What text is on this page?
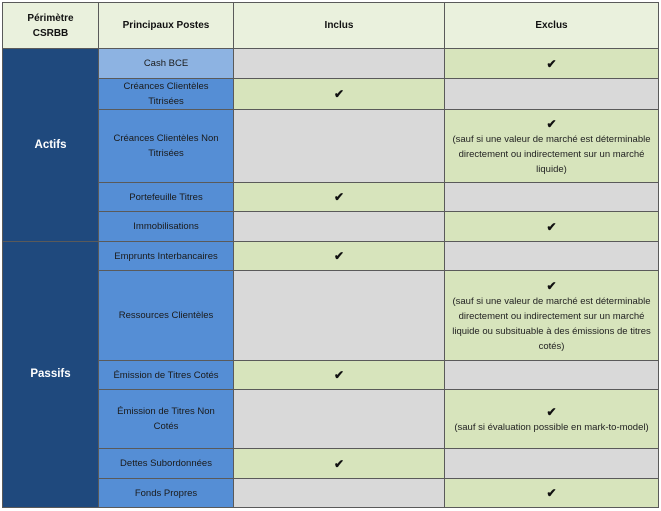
Périmètre CSRBB	Principaux Postes	Inclus	Exclus
Actifs	Cash BCE		✔

	Créances Clientèles Titrisées	✔	

	Créances Clientèles Non Titrisées		✔
(sauf si une valeur de marché est déterminable directement ou indirectement sur un marché liquide)

	Portefeuille Titres	✔	

	Immobilisations		✔

Passifs	Emprunts Interbancaires	✔	

	Ressources Clientèles		✔
(sauf si une valeur de marché est déterminable directement ou indirectement sur un marché liquide ou subsituable à des émissions de titres cotés)

	Émission de Titres Cotés	✔	

	Émission de Titres Non Cotés		✔
(sauf si évaluation possible en mark-to-model)

	Dettes Subordonnées	✔	

	Fonds Propres		✔
